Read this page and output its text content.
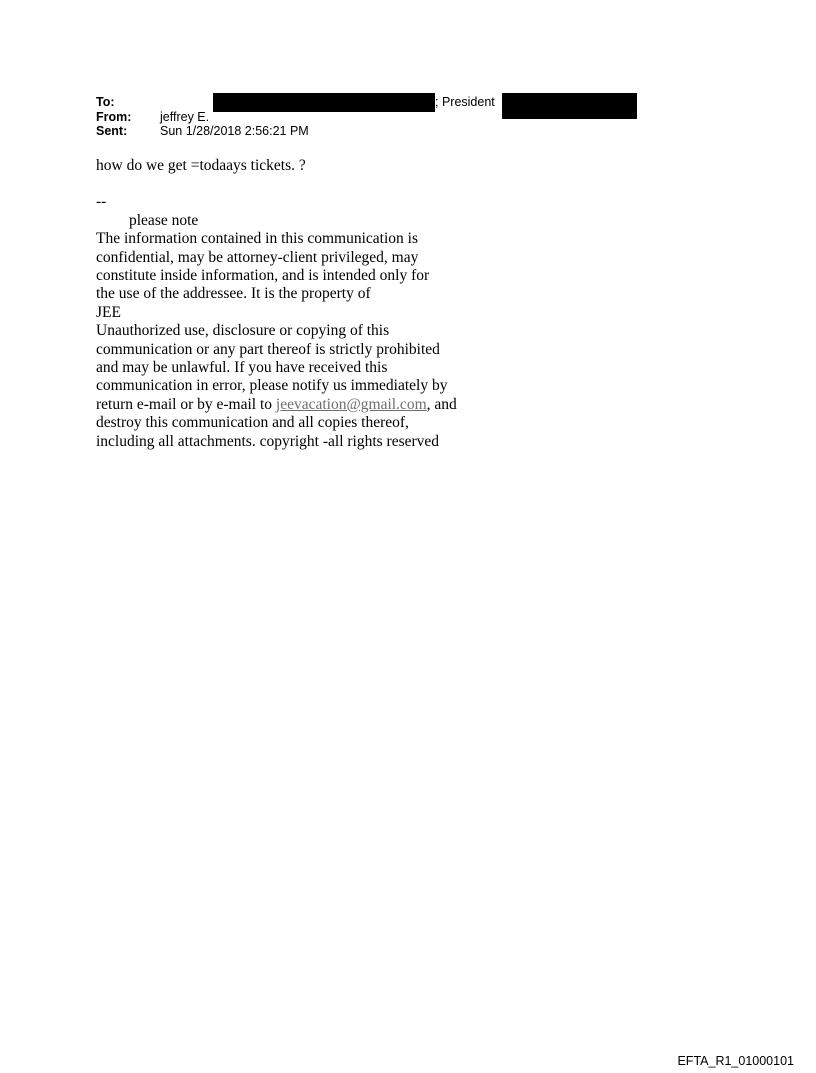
To:	; President
From: jeffrey E.
Sent:	Sun 1/28/2018 2:56:21 PM
how do we get =todaays tickets. ?
--
please note
The information contained in this communication is
confidential, may be attorney-client privileged, may
constitute inside information, and is intended only for
the use of the addressee. It is the property of
JEE
Unauthorized use, disclosure or copying of this
communication or any part thereof is strictly prohibited
and may be unlawful. If you have received this
communication in error, please notify us immediately by
return e-mail or by e-mail to jeevacation@gmail.com, and
destroy this communication and all copies thereof,
including all attachments. copyright -all rights reserved
EFTA_R1_01000101
